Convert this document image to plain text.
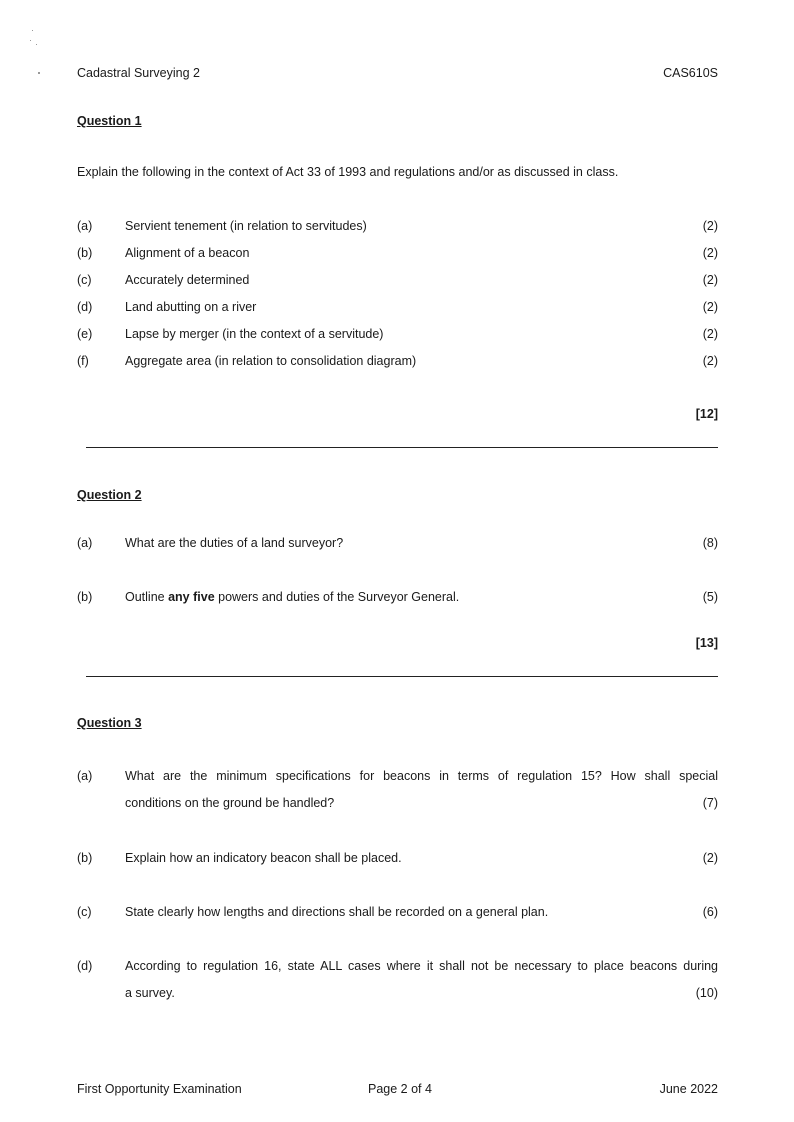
Cadastral Surveying 2	CAS610S
Question 1
Explain the following in the context of Act 33 of 1993 and regulations and/or as discussed in class.
(a)	Servient tenement (in relation to servitudes)	(2)
(b)	Alignment of a beacon	(2)
(c)	Accurately determined	(2)
(d)	Land abutting on a river	(2)
(e)	Lapse by merger (in the context of a servitude)	(2)
(f)	Aggregate area (in relation to consolidation diagram)	(2)
[12]
Question 2
(a)	What are the duties of a land surveyor?	(8)
(b)	Outline any five powers and duties of the Surveyor General.	(5)
[13]
Question 3
(a)	What are the minimum specifications for beacons in terms of regulation 15? How shall special
conditions on the ground be handled?	(7)
(b)	Explain how an indicatory beacon shall be placed.	(2)
(c)	State clearly how lengths and directions shall be recorded on a general plan.	(6)
(d)	According to regulation 16, state ALL cases where it shall not be necessary to place beacons during
a survey.	(10)
First Opportunity Examination	Page 2 of 4	June 2022
